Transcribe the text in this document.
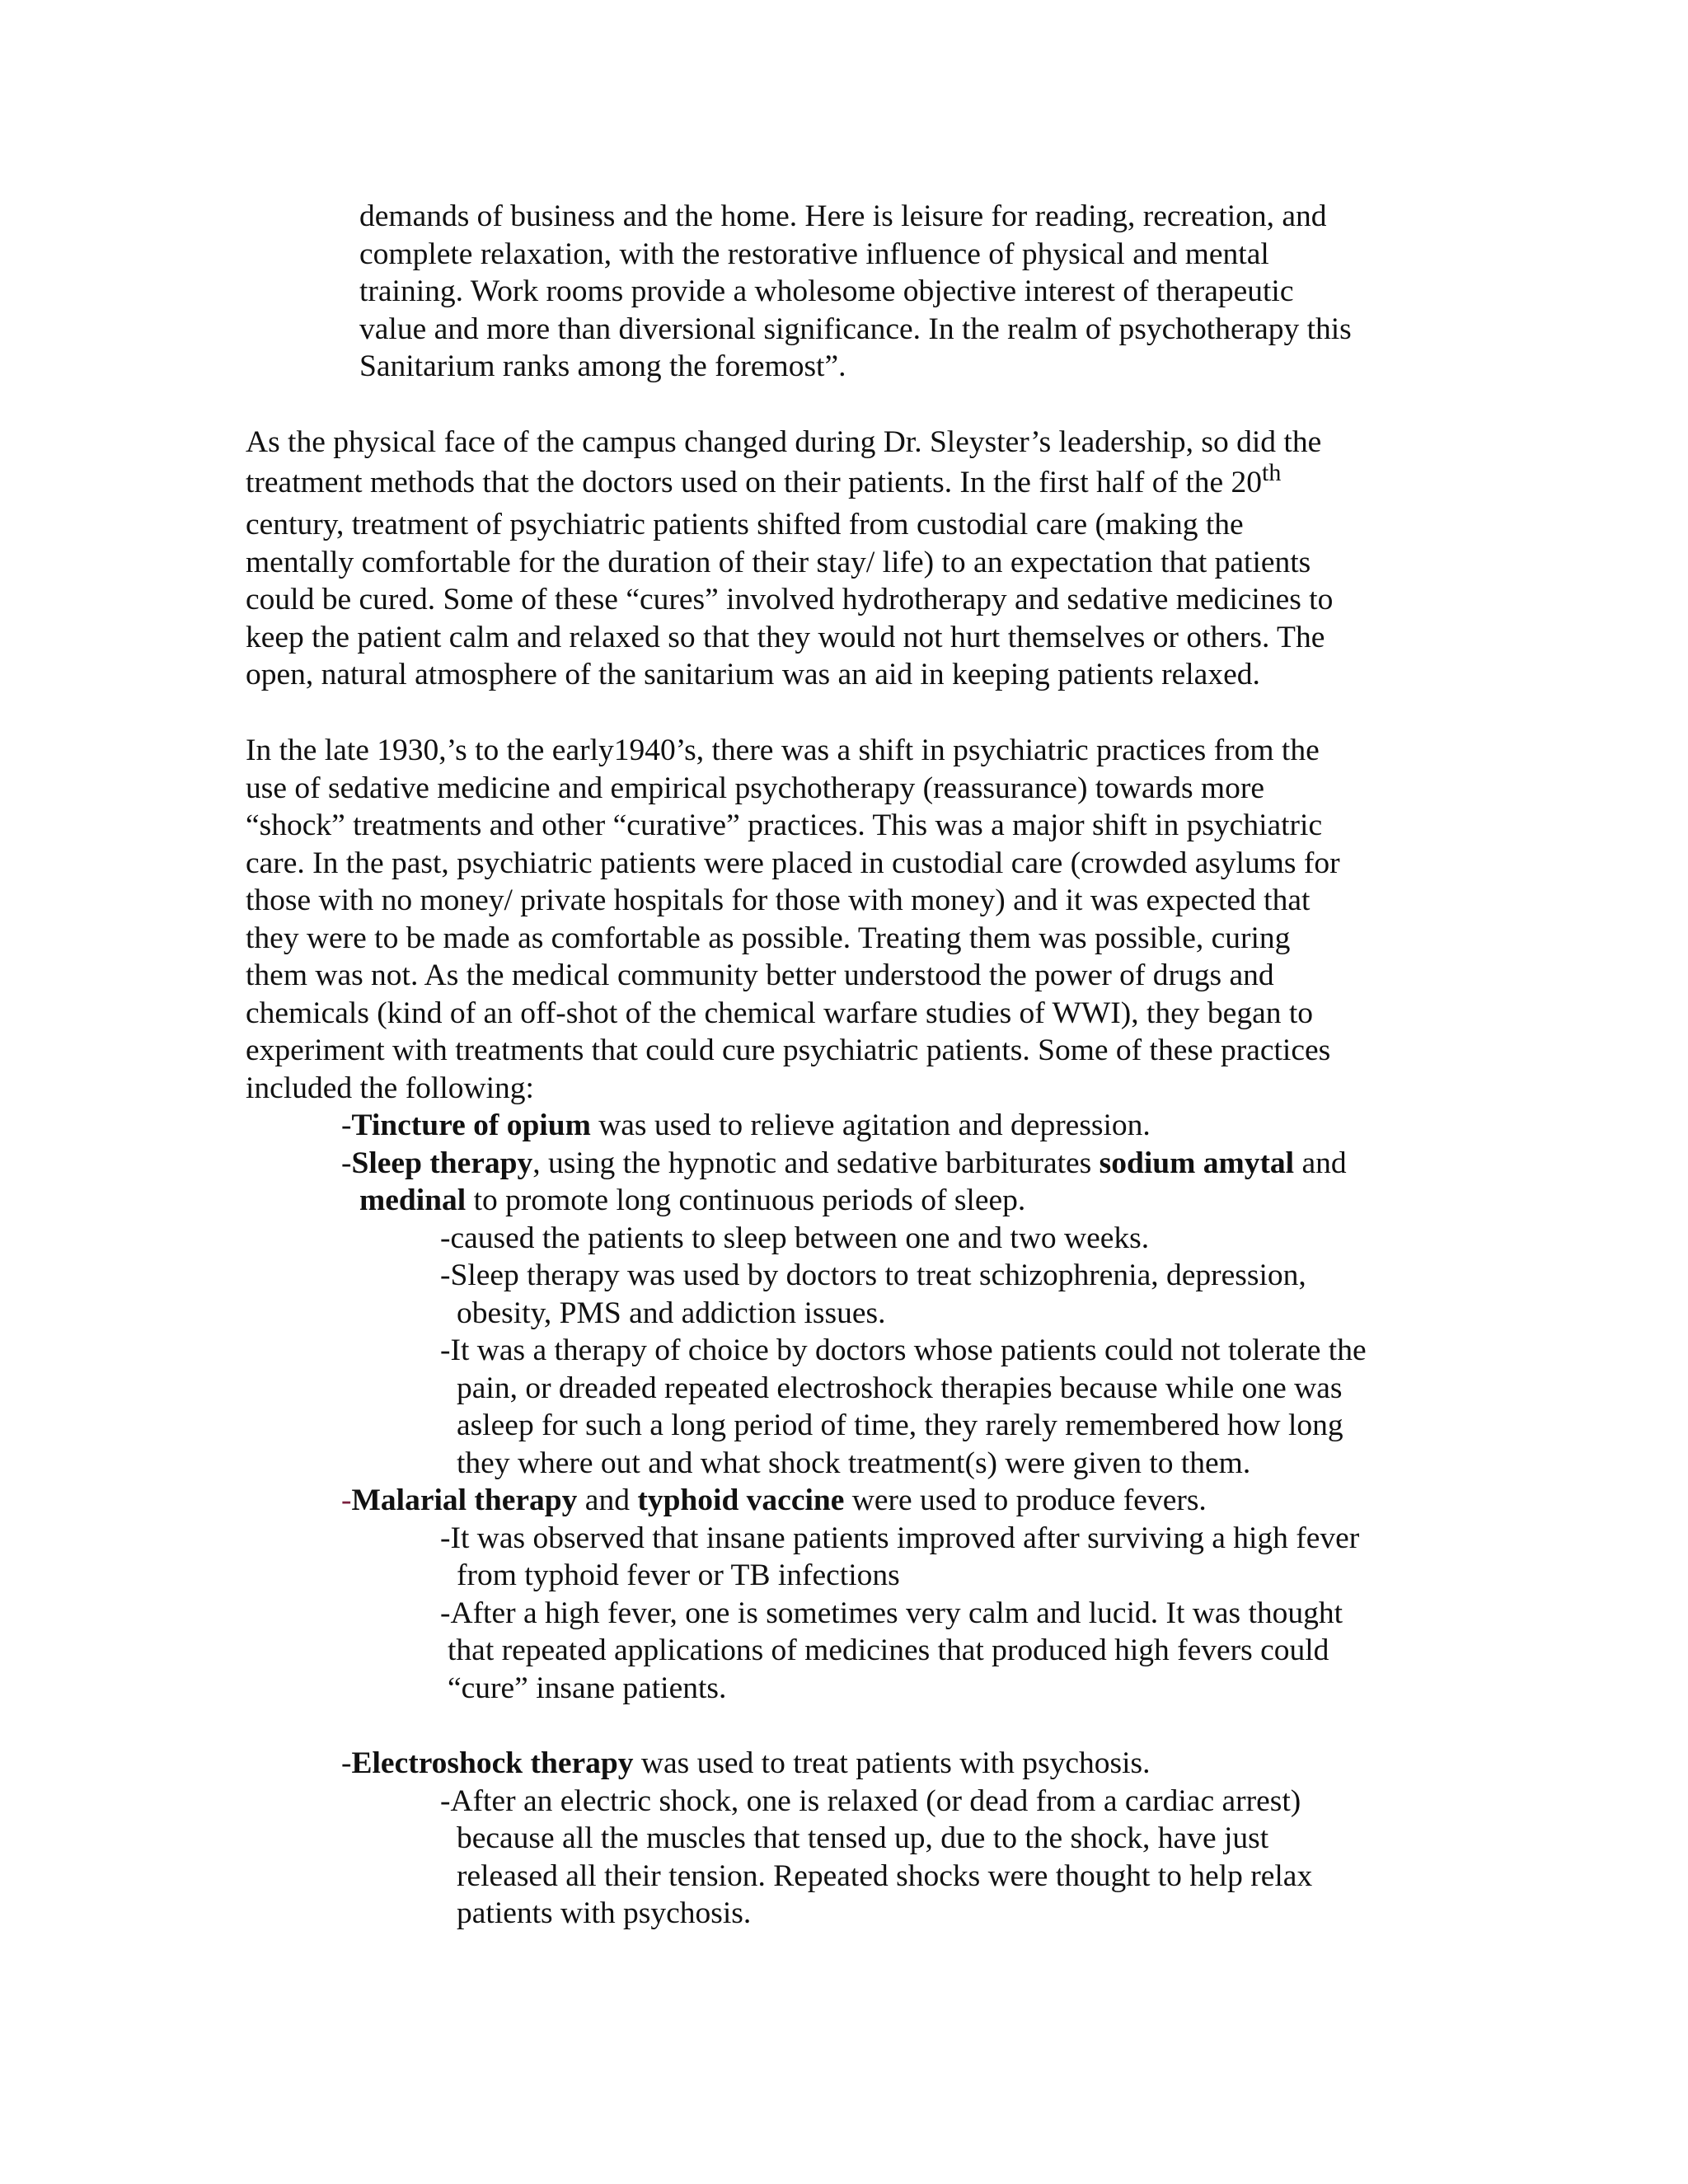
demands of business and the home. Here is leisure for reading, recreation, and

complete relaxation, with the restorative influence of physical and mental

training. Work rooms provide a wholesome objective interest of therapeutic

value and more than diversional significance. In the realm of psychotherapy this

Sanitarium ranks among the foremost”.

As the physical face of the campus changed during Dr. Sleyster’s leadership, so did the

treatment methods that the doctors used on their patients. In the first half of the 20th

century, treatment of psychiatric patients shifted from custodial care (making the

mentally comfortable for the duration of their stay/ life) to an expectation that patients

could be cured. Some of these “cures” involved hydrotherapy and sedative medicines to

keep the patient calm and relaxed so that they would not hurt themselves or others. The

open, natural atmosphere of the sanitarium was an aid in keeping patients relaxed.

In the late 1930,’s to the early1940’s, there was a shift in psychiatric practices from the

use of sedative medicine and empirical psychotherapy (reassurance) towards more

“shock” treatments and other “curative” practices. This was a major shift in psychiatric

care. In the past, psychiatric patients were placed in custodial care (crowded asylums for

those with no money/ private hospitals for those with money) and it was expected that

they were to be made as comfortable as possible. Treating them was possible, curing

them was not. As the medical community better understood the power of drugs and

chemicals (kind of an off-shot of the chemical warfare studies of WWI), they began to

experiment with treatments that could cure psychiatric patients. Some of these practices

included the following:

-Tincture of opium was used to relieve agitation and depression.

-Sleep therapy, using the hypnotic and sedative barbiturates sodium amytal and

medinal to promote long continuous periods of sleep.

-caused the patients to sleep between one and two weeks.

-Sleep therapy was used by doctors to treat schizophrenia, depression,

obesity, PMS and addiction issues.

-It was a therapy of choice by doctors whose patients could not tolerate the

pain, or dreaded repeated electroshock therapies because while one was

asleep for such a long period of time, they rarely remembered how long

they where out and what shock treatment(s) were given to them.

-Malarial therapy and typhoid vaccine were used to produce fevers.

-It was observed that insane patients improved after surviving a high fever

from typhoid fever or TB infections

-After a high fever, one is sometimes very calm and lucid. It was thought

that repeated applications of medicines that produced high fevers could

“cure” insane patients.

-Electroshock therapy was used to treat patients with psychosis.

-After an electric shock, one is relaxed (or dead from a cardiac arrest)

because all the muscles that tensed up, due to the shock, have just

released all their tension. Repeated shocks were thought to help relax

patients with psychosis.
